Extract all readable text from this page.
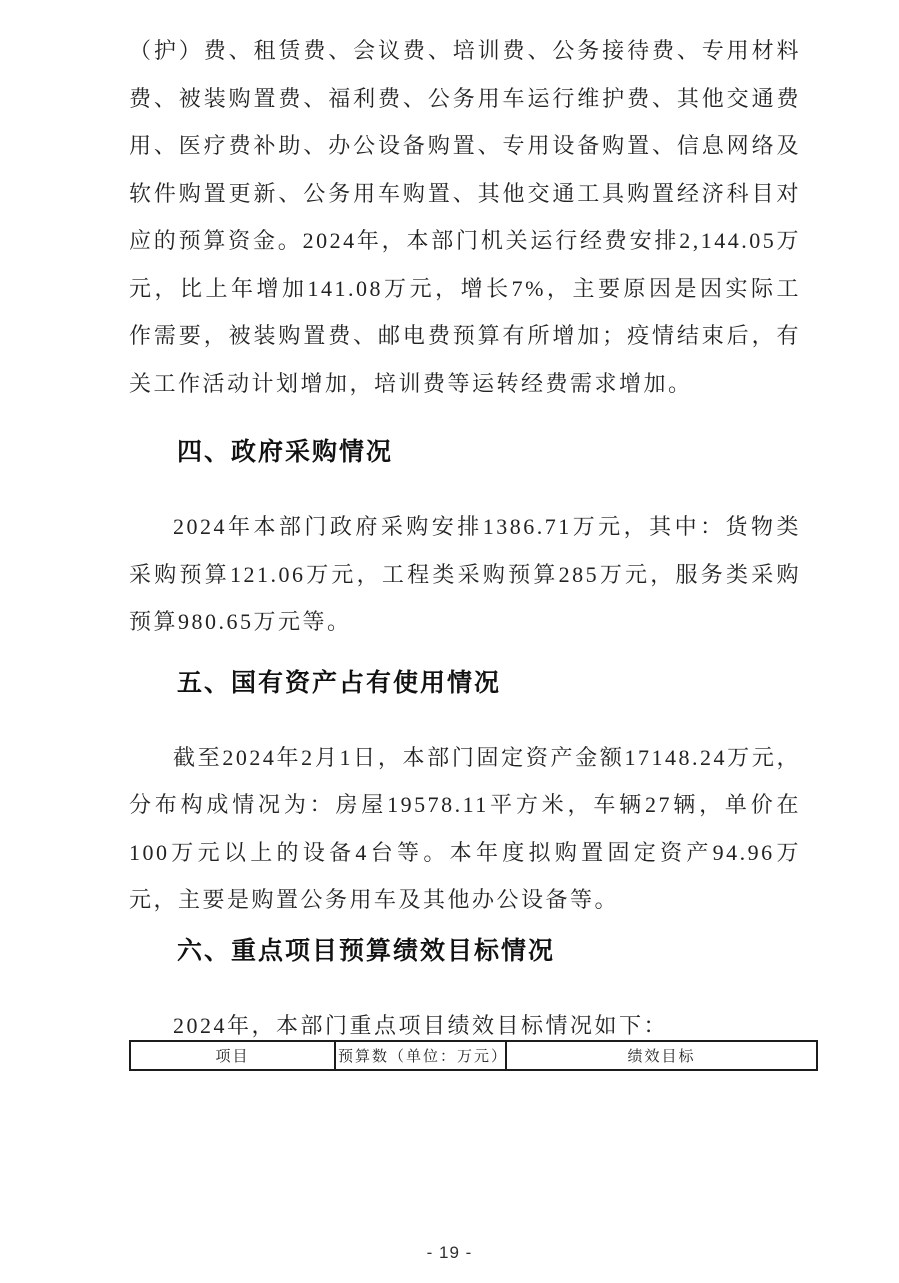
（护）费、租赁费、会议费、培训费、公务接待费、专用材料费、被装购置费、福利费、公务用车运行维护费、其他交通费用、医疗费补助、办公设备购置、专用设备购置、信息网络及软件购置更新、公务用车购置、其他交通工具购置经济科目对应的预算资金。2024年，本部门机关运行经费安排2,144.05万元，比上年增加141.08万元，增长7%，主要原因是因实际工作需要，被装购置费、邮电费预算有所增加；疫情结束后，有关工作活动计划增加，培训费等运转经费需求增加。

四、政府采购情况

2024年本部门政府采购安排1386.71万元，其中：货物类采购预算121.06万元，工程类采购预算285万元，服务类采购预算980.65万元等。

五、国有资产占有使用情况

截至2024年2月1日，本部门固定资产金额17148.24万元，分布构成情况为：房屋19578.11平方米，车辆27辆，单价在100万元以上的设备4台等。本年度拟购置固定资产94.96万元，主要是购置公务用车及其他办公设备等。

六、重点项目预算绩效目标情况

2024年，本部门重点项目绩效目标情况如下：

项目	预算数（单位：万元）	绩效目标
- 19 -
